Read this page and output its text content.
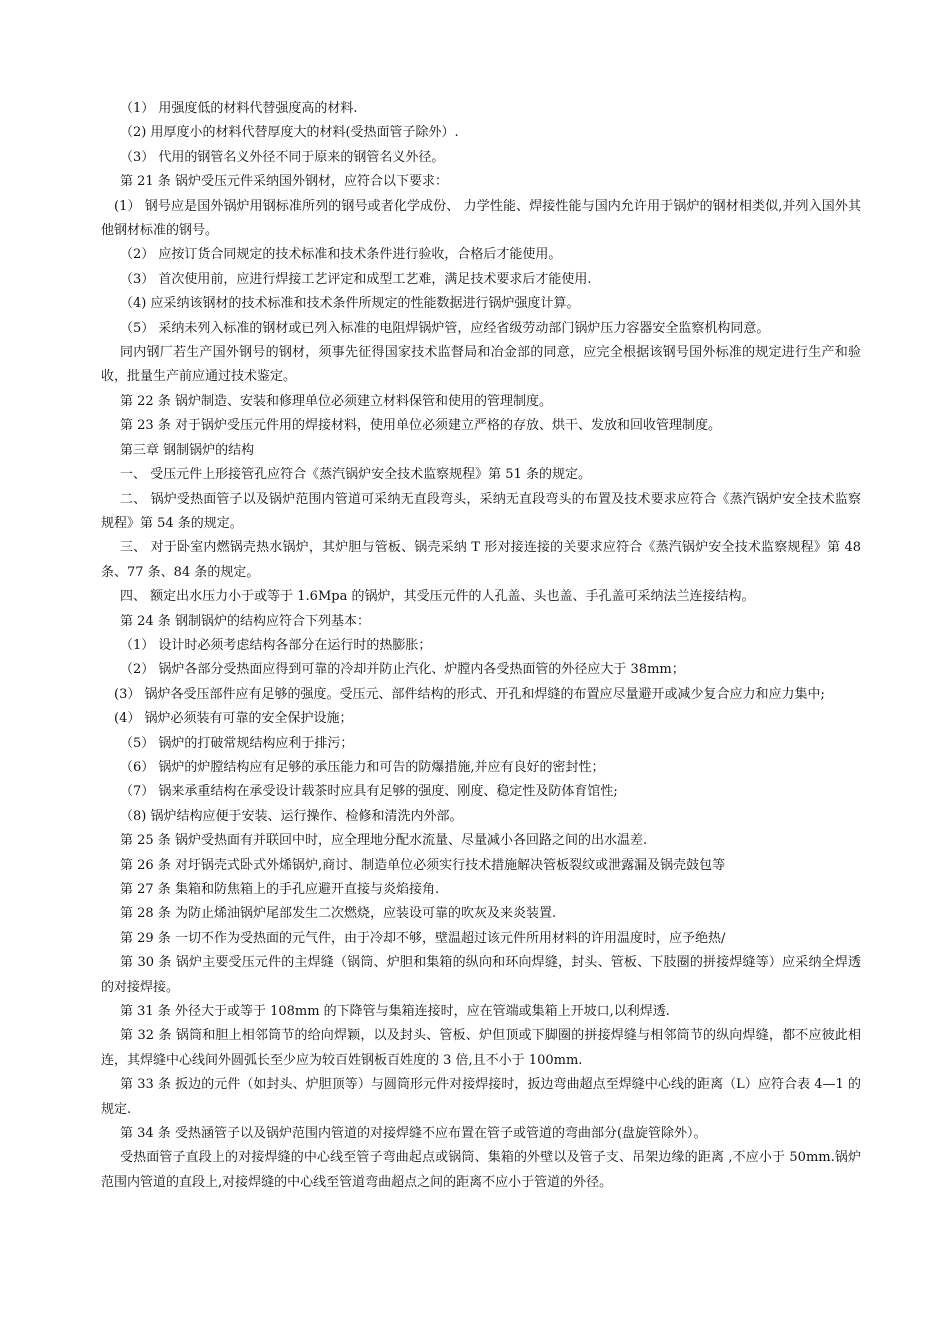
（1） 用强度低的材料代替强度高的材料.

（2) 用厚度小的材料代替厚度大的材料(受热面管子除外）.

（3） 代用的钢管名义外径不同于原来的钢管名义外径。

第 21 条 锅炉受压元件采纳国外钢材，应符合以下要求：

(1） 钢号应是国外锅炉用钢标准所列的钢号或者化学成份、 力学性能、焊接性能与国内允许用于锅炉的钢材相类似,并列入国外其他钢材标准的钢号。

（2） 应按订货合同规定的技术标准和技术条件进行验收，合格后才能使用。

（3） 首次使用前，应进行焊接工艺评定和成型工艺难，满足技术要求后才能使用.

（4) 应采纳该钢材的技术标准和技术条件所规定的性能数据进行锅炉强度计算。

（5） 采纳未列入标准的钢材或已列入标准的电阻焊锅炉管，应经省级劳动部门锅炉压力容器安全监察机构同意。

同内钢厂若生产国外钢号的钢材，须事先征得国家技术监督局和冶金部的同意，应完全根据该钢号国外标准的规定进行生产和验收，批量生产前应通过技术鉴定。

第 22 条 锅炉制造、安装和修理单位必须建立材料保管和使用的管理制度。

第 23 条 对于锅炉受压元件用的焊接材料，使用单位必须建立严格的存放、烘干、发放和回收管理制度。

第三章 钢制锅炉的结构

一、 受压元件上形接管孔应符合《蒸汽锅炉安全技术监察规程》第 51 条的规定。

二、 锅炉受热面管子以及锅炉范围内管道可采纳无直段弯头，采纳无直段弯头的布置及技术要求应符合《蒸汽锅炉安全技术监察规程》第 54 条的规定。

三、 对于卧室内燃锅壳热水锅炉，其炉胆与管板、锅壳采纳 T 形对接连接的关要求应符合《蒸汽锅炉安全技术监察规程》第 48 条、77 条、84 条的规定。

四、 额定出水压力小于或等于 1.6Mpa 的锅炉，其受压元件的人孔盖、头也盖、手孔盖可采纳法兰连接结构。

第 24 条 钢制锅炉的结构应符合下列基本：

（1） 设计时必须考虑结构各部分在运行时的热膨胀；

（2） 锅炉各部分受热面应得到可靠的冷却并防止汽化、炉膛内各受热面管的外径应大于 38mm；

(3） 锅炉各受压部件应有足够的强度。受压元、部件结构的形式、开孔和焊缝的布置应尽量避开或减少复合应力和应力集中;

(4） 锅炉必须装有可靠的安全保护设施；

（5） 锅炉的打破常规结构应利于排污；

（6） 锅炉的炉膛结构应有足够的承压能力和可告的防爆措施,并应有良好的密封性；

（7） 锅来承重结构在承受设计载茶时应具有足够的强度、刚度、稳定性及防体育馆性;

（8) 锅炉结构应便于安装、运行操作、检修和清洗内外部。

第 25 条 锅炉受热面有并联回中时，应全理地分配水流量、尽量减小各回路之间的出水温差.

第 26 条 对圩锅壳式卧式外烯锅炉,商讨、制造单位必须实行技术措施解决管板裂纹或泄露漏及锅壳鼓包等

第 27 条 集箱和防焦箱上的手孔应避开直接与炎焰接角.

第 28 条 为防止烯油锅炉尾部发生二次燃烧，应装设可靠的吹灰及来炎装置.

第 29 条 一切不作为受热面的元气件，由于冷却不够，壁温超过该元件所用材料的许用温度时，应予绝热/

第 30 条 锅炉主要受压元件的主焊缝（锅筒、炉胆和集箱的纵向和环向焊缝，封头、管板、下肢圈的拼接焊缝等）应采纳全焊透的对接焊接。

第 31 条 外径大于或等于 108mm 的下降管与集箱连接时，应在管端或集箱上开坡口,以利焊透.

第 32 条 锅筒和胆上相邻筒节的给向焊颖，以及封头、管板、炉但顶或下脚圈的拼接焊缝与相邻筒节的纵向焊缝，都不应彼此相连，其焊缝中心线间外圆弧长至少应为较百姓钢板百姓度的 3 倍,且不小于 100mm.

第 33 条 扳边的元件（如封头、炉胆顶等）与圆筒形元件对接焊接时，扳边弯曲超点至焊缝中心线的距离（L）应符合表 4—1 的规定.

第 34 条 受热涵管子以及锅炉范围内管道的对接焊缝不应布置在管子或管道的弯曲部分(盘旋管除外）。

受热面管子直段上的对接焊缝的中心线至管子弯曲起点或锅筒、集箱的外壁以及管子支、吊架边缘的距离 ,不应小于 50mm.锅炉范围内管道的直段上,对接焊缝的中心线至管道弯曲超点之间的距离不应小于管道的外径。
